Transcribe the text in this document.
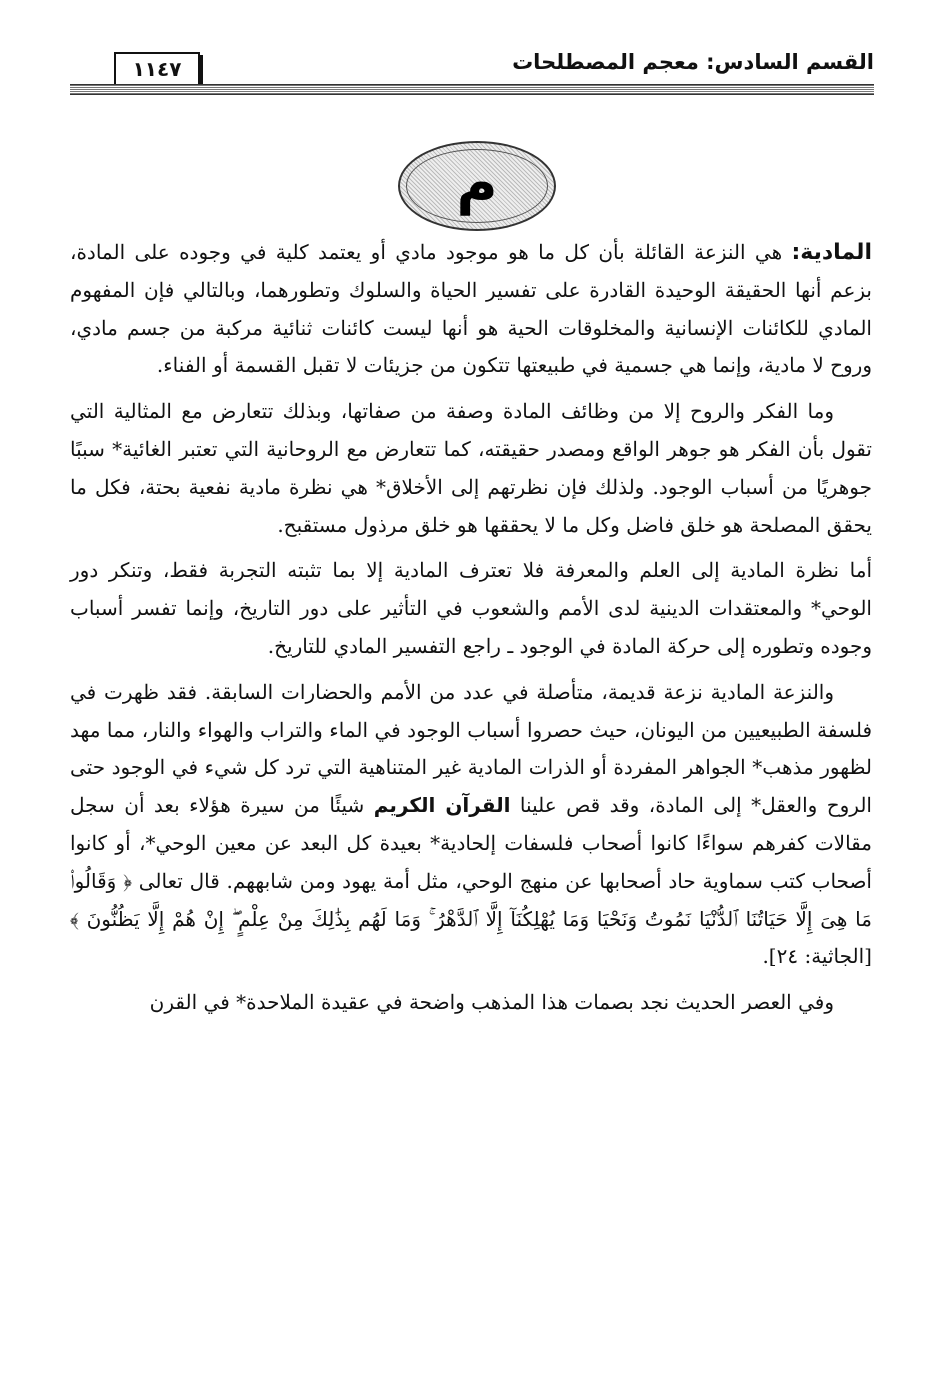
القسم السادس: معجم المصطلحات
١١٤٧
م

المادية: هي النزعة القائلة بأن كل ما هو موجود مادي أو يعتمد كلية في وجوده على المادة، بزعم أنها الحقيقة الوحيدة القادرة على تفسير الحياة والسلوك وتطورهما، وبالتالي فإن المفهوم المادي للكائنات الإنسانية والمخلوقات الحية هو أنها ليست كائنات ثنائية مركبة من جسم مادي، وروح لا مادية، وإنما هي جسمية في طبيعتها تتكون من جزيئات لا تقبل القسمة أو الفناء.

وما الفكر والروح إلا من وظائف المادة وصفة من صفاتها، وبذلك تتعارض مع المثالية التي تقول بأن الفكر هو جوهر الواقع ومصدر حقيقته، كما تتعارض مع الروحانية التي تعتبر الغائية* سببًا جوهريًا من أسباب الوجود. ولذلك فإن نظرتهم إلى الأخلاق* هي نظرة مادية نفعية بحتة، فكل ما يحقق المصلحة هو خلق فاضل وكل ما لا يحققها هو خلق مرذول مستقبح.

أما نظرة المادية إلى العلم والمعرفة فلا تعترف المادية إلا بما تثبته التجربة فقط، وتنكر دور الوحي* والمعتقدات الدينية لدى الأمم والشعوب في التأثير على دور التاريخ، وإنما تفسر أسباب وجوده وتطوره إلى حركة المادة في الوجود ـ راجع التفسير المادي للتاريخ.

والنزعة المادية نزعة قديمة، متأصلة في عدد من الأمم والحضارات السابقة. فقد ظهرت في فلسفة الطبيعيين من اليونان، حيث حصروا أسباب الوجود في الماء والتراب والهواء والنار، مما مهد لظهور مذهب* الجواهر المفردة أو الذرات المادية غير المتناهية التي ترد كل شيء في الوجود حتى الروح والعقل* إلى المادة، وقد قص علينا القرآن الكريم شيئًا من سيرة هؤلاء بعد أن سجل مقالات كفرهم سواءًا كانوا أصحاب فلسفات إلحادية* بعيدة كل البعد عن معين الوحي*، أو كانوا أصحاب كتب سماوية حاد أصحابها عن منهج الوحي، مثل أمة يهود ومن شابههم. قال تعالى ﴿ وَقَالُوا۟ مَا هِىَ إِلَّا حَيَاتُنَا ٱلدُّنْيَا نَمُوتُ وَنَحْيَا وَمَا يُهْلِكُنَآ إِلَّا ٱلدَّهْرُ ۚ وَمَا لَهُم بِذَٰلِكَ مِنْ عِلْمٍ ۖ إِنْ هُمْ إِلَّا يَظُنُّونَ ﴾ [الجاثية: ٢٤].

وفي العصر الحديث نجد بصمات هذا المذهب واضحة في عقيدة الملاحدة* في القرن
